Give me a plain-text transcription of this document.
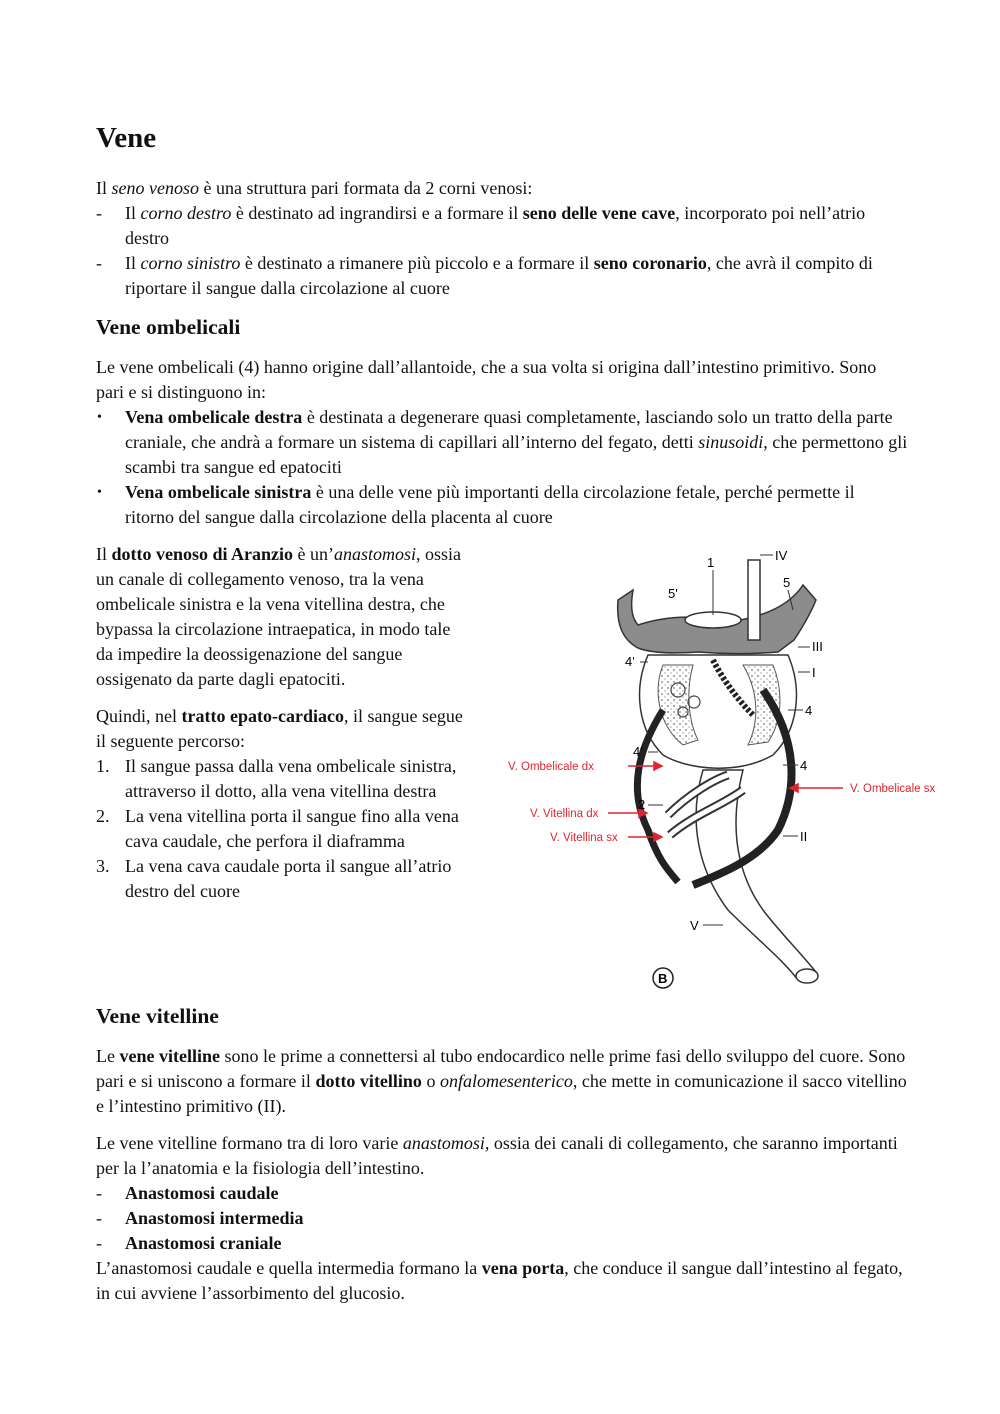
Vene

Il seno venoso è una struttura pari formata da 2 corni venosi:

- Il corno destro è destinato ad ingrandirsi e a formare il seno delle vene cave, incorporato poi nell’atrio destro
- Il corno sinistro è destinato a rimanere più piccolo e a formare il seno coronario, che avrà il compito di riportare il sangue dalla circolazione al cuore
Vene ombelicali

Le vene ombelicali (4) hanno origine dall’allantoide, che a sua volta si origina dall’intestino primitivo. Sono pari e si distinguono in:

• Vena ombelicale destra è destinata a degenerare quasi completamente, lasciando solo un tratto della parte craniale, che andrà a formare un sistema di capillari all’interno del fegato, detti sinusoidi, che permettono gli scambi tra sangue ed epatociti
• Vena ombelicale sinistra è una delle vene più importanti della circolazione fetale, perché permette il ritorno del sangue dalla circolazione della placenta al cuore

Il dotto venoso di Aranzio è un’anastomosi, ossia un canale di collegamento venoso, tra la vena ombelicale sinistra e la vena vitellina destra, che bypassa la circolazione intraepatica, in modo tale da impedire la deossigenazione del sangue ossigenato da parte dagli epatociti.

Quindi, nel tratto epato-cardiaco, il sangue segue il seguente percorso:

1. Il sangue passa dalla vena ombelicale sinistra, attraverso il dotto, alla vena vitellina destra
2. La vena vitellina porta il sangue fino alla vena cava caudale, che perfora il diaframma
3. La vena cava caudale porta il sangue all’atrio destro del cuore
1	IV
5'
5
III
4'
I
4
4'
4
2
II
V
V. Ombelicale dx
V. Ombelicale sx
V. Vitellina dx
V. Vitellina sx
B
Vene vitelline

Le vene vitelline sono le prime a connettersi al tubo endocardico nelle prime fasi dello sviluppo del cuore. Sono pari e si uniscono a formare il dotto vitellino o onfalomesenterico, che mette in comunicazione il sacco vitellino e l’intestino primitivo (II).

Le vene vitelline formano tra di loro varie anastomosi, ossia dei canali di collegamento, che saranno importanti per la l’anatomia e la fisiologia dell’intestino.

- Anastomosi caudale
- Anastomosi intermedia
- Anastomosi craniale

L’anastomosi caudale e quella intermedia formano la vena porta, che conduce il sangue dall’intestino al fegato, in cui avviene l’assorbimento del glucosio.
